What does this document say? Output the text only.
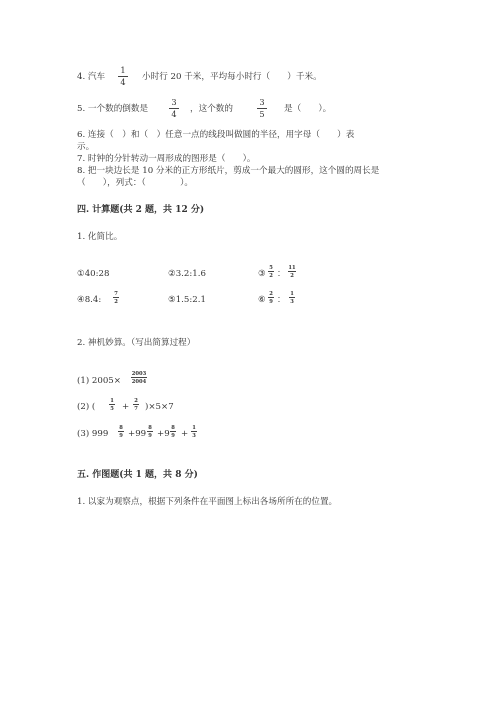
4. 汽车
1
4 小时行 20 千米，平均每小时行（　　）千米。
5. 一个数的倒数是
3
4 ，这个数的
3
5 是（　　）。
6. 连接（　）和（　）任意一点的线段叫做圆的半径，用字母（　　）表
示。
7. 时钟的分针转动一周形成的图形是（　　）。
8. 把一块边长是 10 分米的正方形纸片，剪成一个最大的圆形，这个圆的周长是
（　　），列式：（　　　　）。
四. 计算题(共 2 题，共 12 分)
1. 化简比。
①40:28	②3.2:1.6	③
5
2 ：
11
2
④8.4:
7
2	⑤1.5:2.1	⑥
2
9 ：
1
3
2. 神机妙算。（写出简算过程）
(1) 2005×
2003
2004
(2) (
1
5 +
2
7 )×5×7
(3) 999
8
9 +99
8
9 +9
8
9 +
1
3
五. 作图题(共 1 题，共 8 分)
1. 以家为观察点，根据下列条件在平面图上标出各场所所在的位置。
